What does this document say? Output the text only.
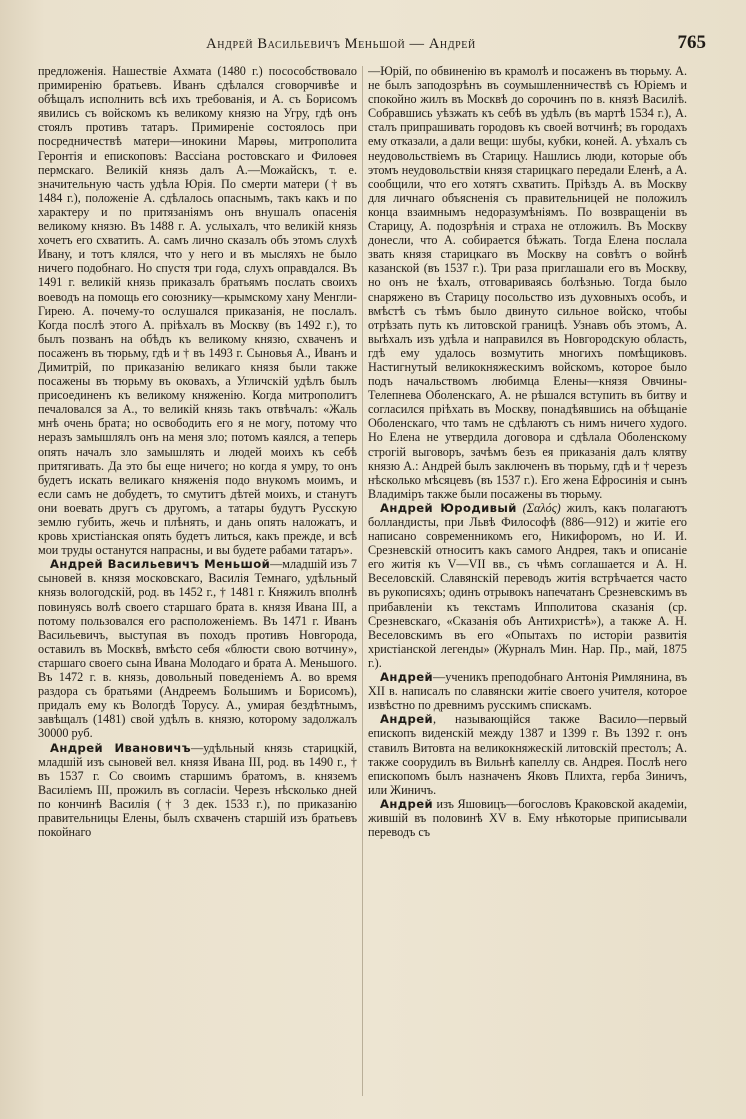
Андрей Васильевичъ Меньшой — Андрей	765

предложенія. Нашествіе Ахмата (1480 г.) посособствовало примиренію братьевъ. Иванъ сдѣлался сговорчивѣе и обѣщалъ исполнить всѣ ихъ требованія, и А. съ Борисомъ явились съ войскомъ къ великому князю на Угру, гдѣ онъ стоялъ противъ татаръ. Примиреніе состоялось при посредничествѣ матери—инокини Марѳы, митрополита Геронтія и епископовъ: Вассіана ростовскаго и Филоѳея пермскаго. Великій князь далъ А.—Можайскъ, т. е. значительную часть удѣла Юрія. По смерти матери († въ 1484 г.), положеніе А. сдѣлалось опаснымъ, такъ какъ и по характеру и по притязаніямъ онъ внушалъ опасенія великому князю. Въ 1488 г. А. услыхалъ, что великій князь хочетъ его схватить. А. самъ лично сказалъ объ этомъ слухѣ Ивану, и тотъ клялся, что у него и въ мысляхъ не было ничего подобнаго. Но спустя три года, слухъ оправдался. Въ 1491 г. великій князь приказалъ братьямъ послать своихъ воеводъ на помощь его союзнику—крымскому хану Менгли-Гирею. А. почему-то ослушался приказанія, не послалъ. Когда послѣ этого А. пріѣхалъ въ Москву (въ 1492 г.), то былъ позванъ на обѣдъ къ великому князю, схваченъ и посаженъ въ тюрьму, гдѣ и † въ 1493 г. Сыновья А., Иванъ и Димитрій, по приказанію великаго князя были также посажены въ тюрьму въ оковахъ, а Угличскій удѣлъ былъ присоединенъ къ великому княженію. Когда митрополитъ печаловался за А., то великій князь такъ отвѣчалъ: «Жаль мнѣ очень брата; но освободить его я не могу, потому что неразъ замышлялъ онъ на меня зло; потомъ каялся, а теперь опять началъ зло замышлять и людей моихъ къ себѣ притягивать. Да это бы еще ничего; но когда я умру, то онъ будетъ искать великаго княженія подо внукомъ моимъ, и если самъ не добудетъ, то смутитъ дѣтей моихъ, и станутъ они воевать другъ съ другомъ, а татары будутъ Русскую землю губить, жечь и плѣнять, и дань опять наложатъ, и кровь христіанская опять будетъ литься, какъ прежде, и всѣ мои труды останутся напрасны, и вы будете рабами татаръ».

Андрей Васильевичъ Меньшой—младшій изъ 7 сыновей в. князя московскаго, Василія Темнаго, удѣльный князь вологодскій, род. въ 1452 г., † 1481 г. Княжилъ вполнѣ повинуясь волѣ своего старшаго брата в. князя Ивана III, а потому пользовался его расположеніемъ. Въ 1471 г. Иванъ Васильевичъ, выступая въ походъ противъ Новгорода, оставилъ въ Москвѣ, вмѣсто себя «блюсти свою вотчину», старшаго своего сына Ивана Молодаго и брата А. Меньшого. Въ 1472 г. в. князь, довольный поведеніемъ А. во время раздора съ братьями (Андреемъ Большимъ и Борисомъ), придалъ ему къ Вологдѣ Торусу. А., умирая бездѣтнымъ, завѣщалъ (1481) свой удѣлъ в. князю, которому задолжалъ 30000 руб.

Андрей Ивановичъ—удѣльный князь старицкій, младшій изъ сыновей вел. князя Ивана III, род. въ 1490 г., † въ 1537 г. Со своимъ старшимъ братомъ, в. княземъ Василіемъ III, прожилъ въ согласіи. Черезъ нѣсколько дней по кончинѣ Василія († 3 дек. 1533 г.), по приказанію правительницы Елены, былъ схваченъ старшій изъ братьевъ покойнаго

—Юрій, по обвиненію въ крамолѣ и посаженъ въ тюрьму. А. не былъ заподозрѣнъ въ соумышленничествѣ съ Юріемъ и спокойно жилъ въ Москвѣ до сорочинъ по в. князѣ Василіѣ. Собравшись уѣзжать къ себѣ въ удѣлъ (въ мартѣ 1534 г.), А. сталъ припрашивать городовъ къ своей вотчинѣ; въ городахъ ему отказали, а дали вещи: шубы, кубки, коней. А. уѣхалъ съ неудовольствіемъ въ Старицу. Нашлись люди, которые объ этомъ неудовольствіи князя старицкаго передали Еленѣ, а А. сообщили, что его хотятъ схватить. Пріѣздъ А. въ Москву для личнаго объясненія съ правительницей не положилъ конца взаимнымъ недоразумѣніямъ. По возвращеніи въ Старицу, А. подозрѣнія и страха не отложилъ. Въ Москву донесли, что А. собирается бѣжать. Тогда Елена послала звать князя старицкаго въ Москву на совѣтъ о войнѣ казанской (въ 1537 г.). Три раза приглашали его въ Москву, но онъ не ѣхалъ, отговариваясь болѣзнью. Тогда было снаряжено въ Старицу посольство изъ духовныхъ особъ, и вмѣстѣ съ тѣмъ было двинуто сильное войско, чтобы отрѣзать путь къ литовской границѣ. Узнавъ объ этомъ, А. выѣхалъ изъ удѣла и направился въ Новгородскую область, гдѣ ему удалось возмутить многихъ помѣщиковъ. Настигнутый великокняжескимъ войскомъ, которое было подъ начальствомъ любимца Елены—князя Овчины-Телепнева Оболенскаго, А. не рѣшался вступить въ битву и согласился пріѣхать въ Москву, понадѣявшись на обѣщаніе Оболенскаго, что тамъ не сдѣлаютъ съ нимъ ничего худого. Но Елена не утвердила договора и сдѣлала Оболенскому строгій выговоръ, зачѣмъ безъ ея приказанія далъ клятву князю А.: Андрей былъ заключенъ въ тюрьму, гдѣ и † черезъ нѣсколько мѣсяцевъ (въ 1537 г.). Его жена Ефросинія и сынъ Владиміръ также были посажены въ тюрьму.

Андрей Юродивый (Σαλός) жилъ, какъ полагаютъ болландисты, при Львѣ Философѣ (886—912) и житіе его написано современникомъ его, Никифоромъ, но И. И. Срезневскій относитъ какъ самого Андрея, такъ и описаніе его житія къ V—VII вв., съ чѣмъ соглашается и А. Н. Веселовскій. Славянскій переводъ житія встрѣчается часто въ рукописяхъ; одинъ отрывокъ напечатанъ Срезневскимъ въ прибавленіи къ текстамъ Ипполитова сказанія (ср. Срезневскаго, «Сказанія объ Антихристѣ»), а также А. Н. Веселовскимъ въ его «Опытахъ по исторіи развитія христіанской легенды» (Журналъ Мин. Нар. Пр., май, 1875 г.).

Андрей—ученикъ преподобнаго Антонія Римлянина, въ XII в. написалъ по славянски житіе своего учителя, которое извѣстно по древнимъ русскимъ спискамъ.

Андрей, называющійся также Васило—первый епископъ виденскій между 1387 и 1399 г. Въ 1392 г. онъ ставилъ Витовта на великокняжескій литовскій престолъ; А. также соорудилъ въ Вильнѣ капеллу св. Андрея. Послѣ него епископомъ былъ назначенъ Яковъ Плихта, гербa Зиничъ, или Жиничъ.

Андрей изъ Яшовицъ—богословъ Краковской академіи, жившій въ половинѣ XV в. Ему нѣкоторые приписывали переводъ съ
